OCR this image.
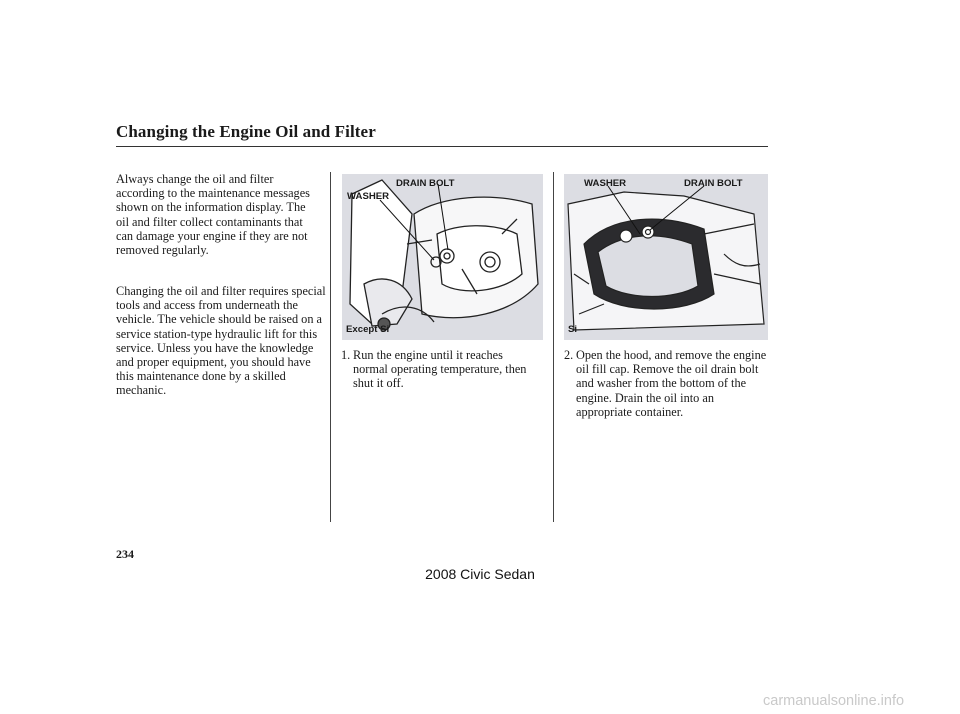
Changing the Engine Oil and Filter

Always change the oil and filter according to the maintenance messages shown on the information display. The oil and filter collect contaminants that can damage your engine if they are not removed regularly.

Changing the oil and filter requires special tools and access from underneath the vehicle. The vehicle should be raised on a service station-type hydraulic lift for this service. Unless you have the knowledge and proper equipment, you should have this maintenance done by a skilled mechanic.

DRAIN BOLT
WASHER
Except Si
WASHER	DRAIN BOLT
Si
1. Run the engine until it reaches normal operating temperature, then shut it off.
2. Open the hood, and remove the engine oil fill cap. Remove the oil drain bolt and washer from the bottom of the engine. Drain the oil into an appropriate container.
234
2008 Civic Sedan
carmanualsonline.info
